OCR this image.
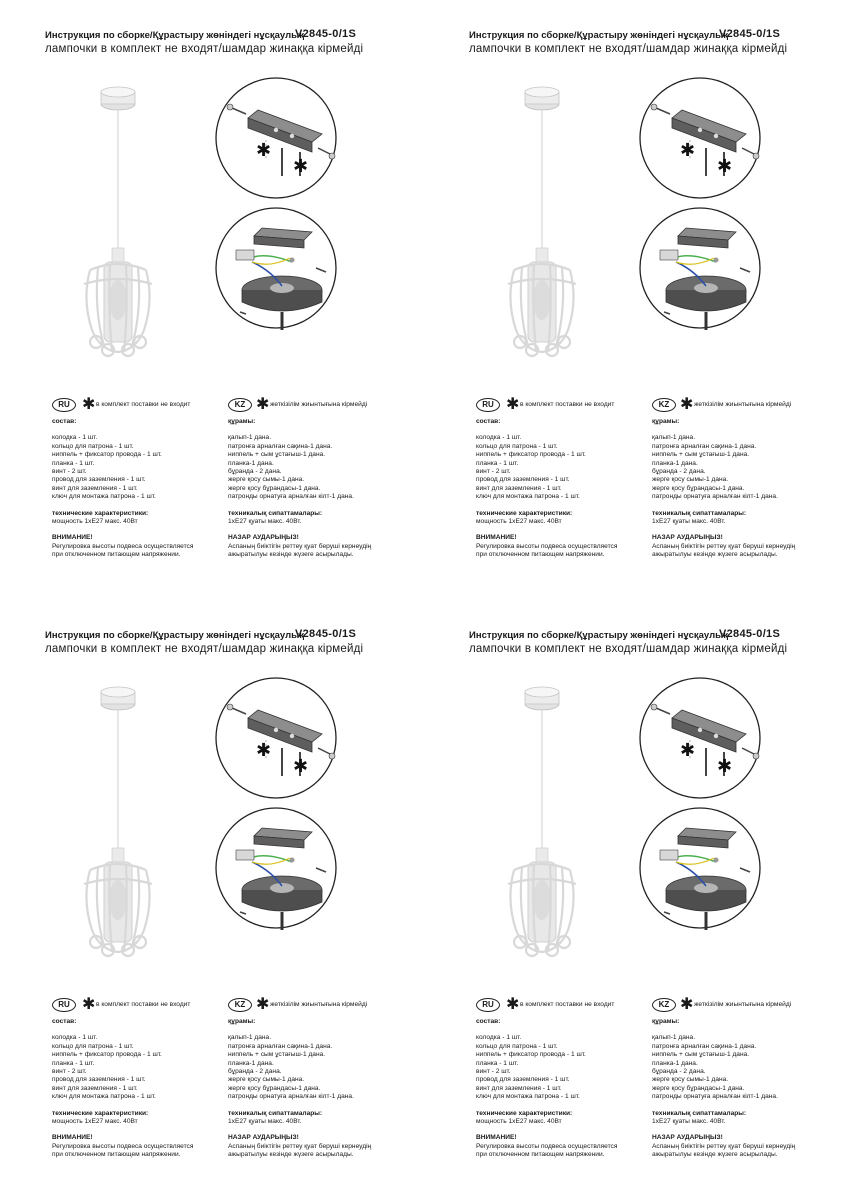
Инструкция по сборке/Құрастыру жөніндегі нұсқаулық
V2845-0/1S
лампочки в комплект не входят/шамдар жинаққа кірмейді
✱
✱
RU ✱ в комплект поставки не входит
состав:
колодка - 1 шт.
кольцо для патрона - 1 шт.
ниппель + фиксатор провода - 1 шт.
планка - 1 шт.
винт - 2 шт.
провод для заземления - 1 шт.
винт для заземления - 1 шт.
ключ для монтажа патрона - 1 шт.
технические характеристики:
мощность 1хЕ27 макс. 40Вт
ВНИМАНИЕ!
Регулировка высоты подвеса осуществляется
при отключенном питающем напряжении.
KZ ✱ жеткізілім жиынтығына кірмейді
құрамы:
қалып-1 дана.
патронға арналған сақина-1 дана.
ниппель + сым ұстағыш-1 дана.
планка-1 дана.
бұранда - 2 дана.
жерге қосу сымы-1 дана.
жерге қосу бұрандасы-1 дана.
патронды орнатуға арналған кілт-1 дана.
техникалық сипаттамалары:
1хЕ27 қуаты макс. 40Вт.
НАЗАР АУДАРЫҢЫЗ!
Аспаның биіктігін реттеу қуат беруші кернеудің
ажыратылуы кезінде жүзеге асырылады.
Инструкция по сборке/Құрастыру жөніндегі нұсқаулық
V2845-0/1S
лампочки в комплект не входят/шамдар жинаққа кірмейді
✱
✱
RU ✱ в комплект поставки не входит
состав:
колодка - 1 шт.
кольцо для патрона - 1 шт.
ниппель + фиксатор провода - 1 шт.
планка - 1 шт.
винт - 2 шт.
провод для заземления - 1 шт.
винт для заземления - 1 шт.
ключ для монтажа патрона - 1 шт.
технические характеристики:
мощность 1хЕ27 макс. 40Вт
ВНИМАНИЕ!
Регулировка высоты подвеса осуществляется
при отключенном питающем напряжении.
KZ ✱ жеткізілім жиынтығына кірмейді
құрамы:
қалып-1 дана.
патронға арналған сақина-1 дана.
ниппель + сым ұстағыш-1 дана.
планка-1 дана.
бұранда - 2 дана.
жерге қосу сымы-1 дана.
жерге қосу бұрандасы-1 дана.
патронды орнатуға арналған кілт-1 дана.
техникалық сипаттамалары:
1хЕ27 қуаты макс. 40Вт.
НАЗАР АУДАРЫҢЫЗ!
Аспаның биіктігін реттеу қуат беруші кернеудің
ажыратылуы кезінде жүзеге асырылады.
Инструкция по сборке/Құрастыру жөніндегі нұсқаулық
V2845-0/1S
лампочки в комплект не входят/шамдар жинаққа кірмейді
✱
✱
RU ✱ в комплект поставки не входит
состав:
колодка - 1 шт.
кольцо для патрона - 1 шт.
ниппель + фиксатор провода - 1 шт.
планка - 1 шт.
винт - 2 шт.
провод для заземления - 1 шт.
винт для заземления - 1 шт.
ключ для монтажа патрона - 1 шт.
технические характеристики:
мощность 1хЕ27 макс. 40Вт
ВНИМАНИЕ!
Регулировка высоты подвеса осуществляется
при отключенном питающем напряжении.
KZ ✱ жеткізілім жиынтығына кірмейді
құрамы:
қалып-1 дана.
патронға арналған сақина-1 дана.
ниппель + сым ұстағыш-1 дана.
планка-1 дана.
бұранда - 2 дана.
жерге қосу сымы-1 дана.
жерге қосу бұрандасы-1 дана.
патронды орнатуға арналған кілт-1 дана.
техникалық сипаттамалары:
1хЕ27 қуаты макс. 40Вт.
НАЗАР АУДАРЫҢЫЗ!
Аспаның биіктігін реттеу қуат беруші кернеудің
ажыратылуы кезінде жүзеге асырылады.
Инструкция по сборке/Құрастыру жөніндегі нұсқаулық
V2845-0/1S
лампочки в комплект не входят/шамдар жинаққа кірмейді
✱
✱
RU ✱ в комплект поставки не входит
состав:
колодка - 1 шт.
кольцо для патрона - 1 шт.
ниппель + фиксатор провода - 1 шт.
планка - 1 шт.
винт - 2 шт.
провод для заземления - 1 шт.
винт для заземления - 1 шт.
ключ для монтажа патрона - 1 шт.
технические характеристики:
мощность 1хЕ27 макс. 40Вт
ВНИМАНИЕ!
Регулировка высоты подвеса осуществляется
при отключенном питающем напряжении.
KZ ✱ жеткізілім жиынтығына кірмейді
құрамы:
қалып-1 дана.
патронға арналған сақина-1 дана.
ниппель + сым ұстағыш-1 дана.
планка-1 дана.
бұранда - 2 дана.
жерге қосу сымы-1 дана.
жерге қосу бұрандасы-1 дана.
патронды орнатуға арналған кілт-1 дана.
техникалық сипаттамалары:
1хЕ27 қуаты макс. 40Вт.
НАЗАР АУДАРЫҢЫЗ!
Аспаның биіктігін реттеу қуат беруші кернеудің
ажыратылуы кезінде жүзеге асырылады.
